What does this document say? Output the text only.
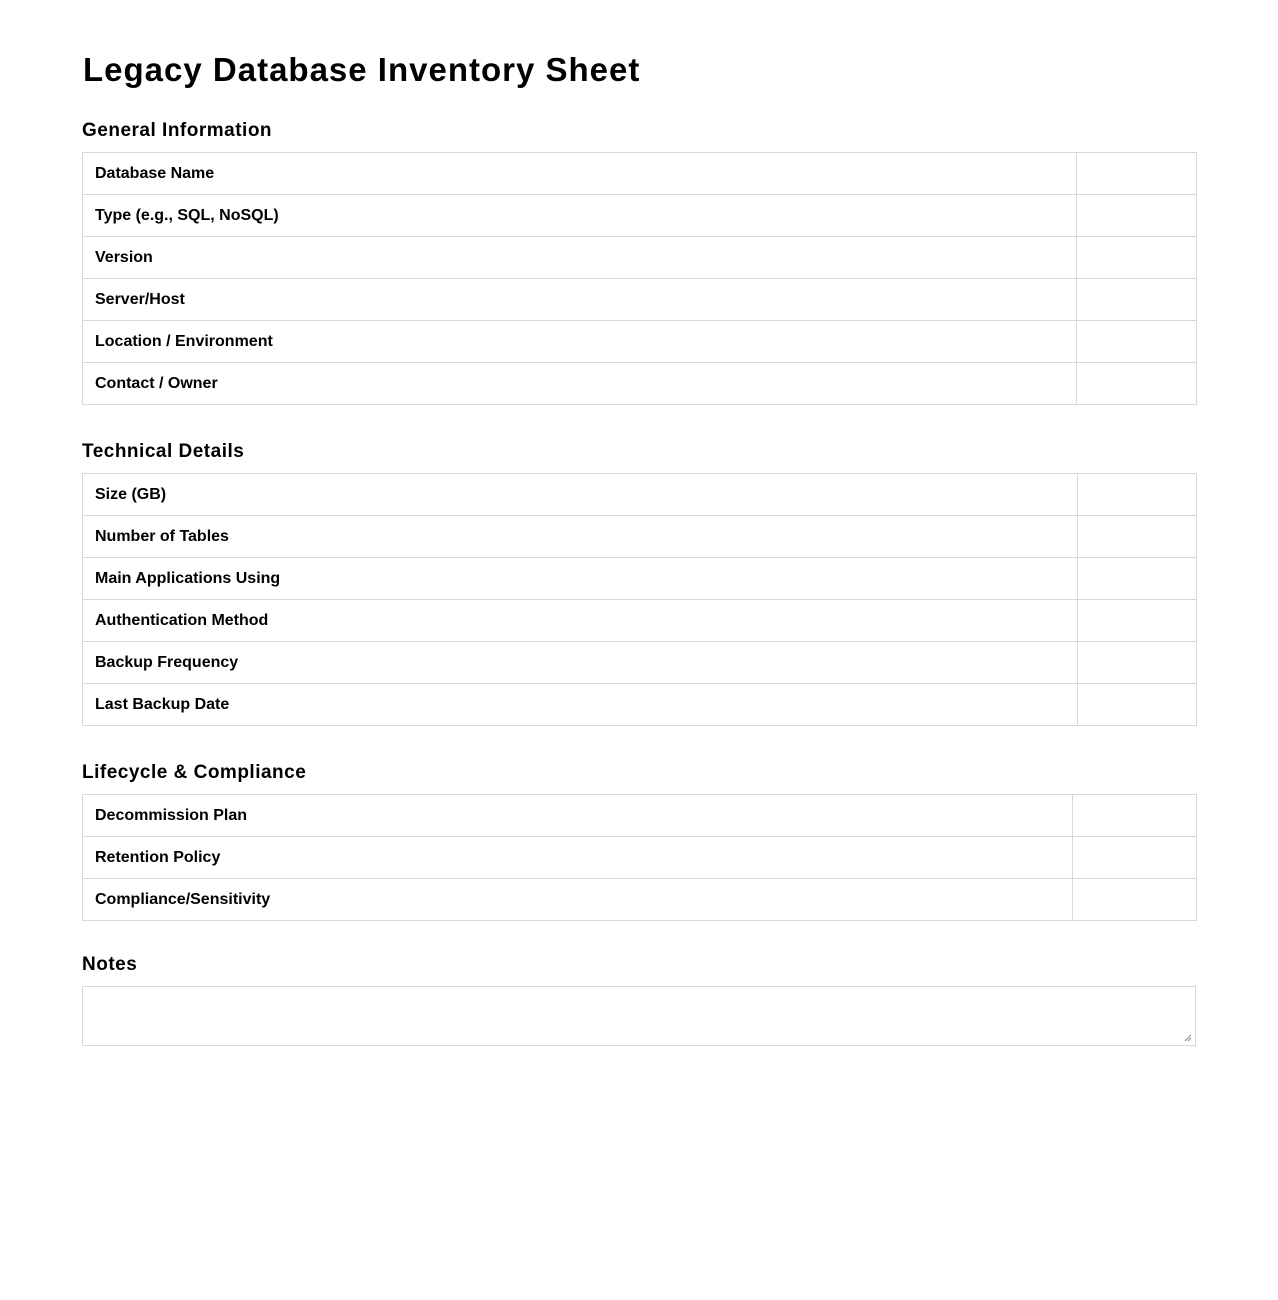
Legacy Database Inventory Sheet
General Information
Database Name	
Type (e.g., SQL, NoSQL)	
Version	
Server/Host	
Location / Environment	
Contact / Owner	
Technical Details
Size (GB)	
Number of Tables	
Main Applications Using	
Authentication Method	
Backup Frequency	
Last Backup Date	
Lifecycle & Compliance
Decommission Plan	
Retention Policy	
Compliance/Sensitivity	
Notes
